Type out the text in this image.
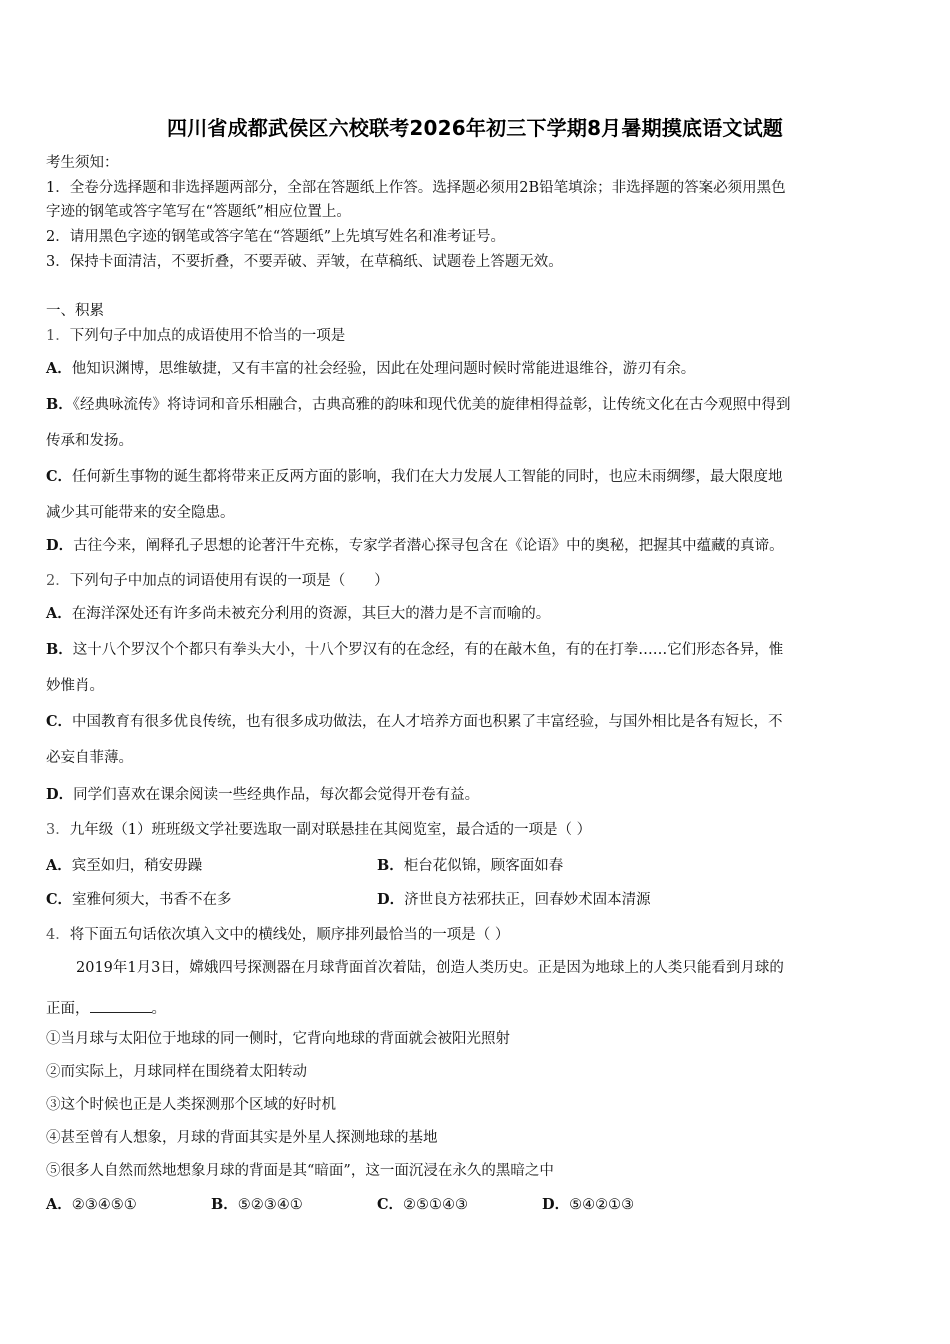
四川省成都武侯区六校联考2026年初三下学期8月暑期摸底语文试题
考生须知：
1．全卷分选择题和非选择题两部分，全部在答题纸上作答。选择题必须用2B铅笔填涂；非选择题的答案必须用黑色
字迹的钢笔或答字笔写在“答题纸”相应位置上。
2．请用黑色字迹的钢笔或答字笔在“答题纸”上先填写姓名和准考证号。
3．保持卡面清洁，不要折叠，不要弄破、弄皱，在草稿纸、试题卷上答题无效。
一、积累
1．下列句子中加点的成语使用不恰当的一项是
A．他知识渊博，思维敏捷，又有丰富的社会经验，因此在处理问题时候时常能进退维谷，游刃有余。
B．《经典咏流传》将诗词和音乐相融合，古典高雅的韵味和现代优美的旋律相得益彰，让传统文化在古今观照中得到
传承和发扬。
C．任何新生事物的诞生都将带来正反两方面的影响，我们在大力发展人工智能的同时，也应未雨绸缪，最大限度地
减少其可能带来的安全隐患。
D．古往今来，阐释孔子思想的论著汗牛充栋，专家学者潜心探寻包含在《论语》中的奥秘，把握其中蕴藏的真谛。
2．下列句子中加点的词语使用有误的一项是（　　）
A．在海洋深处还有许多尚未被充分利用的资源，其巨大的潜力是不言而喻的。
B．这十八个罗汉个个都只有拳头大小，十八个罗汉有的在念经，有的在敲木鱼，有的在打拳……它们形态各异，惟
妙惟肖。
C．中国教育有很多优良传统，也有很多成功做法，在人才培养方面也积累了丰富经验，与国外相比是各有短长，不
必妄自菲薄。
D．同学们喜欢在课余阅读一些经典作品，每次都会觉得开卷有益。
3．九年级（1）班班级文学社要选取一副对联悬挂在其阅览室，最合适的一项是（ ）
A．宾至如归，稍安毋躁	B．柜台花似锦，顾客面如春
C．室雅何须大，书香不在多	D．济世良方祛邪扶正，回春妙术固本清源
4．将下面五句话依次填入文中的横线处，顺序排列最恰当的一项是（ ）
2019年1月3日，嫦娥四号探测器在月球背面首次着陆，创造人类历史。正是因为地球上的人类只能看到月球的
正面，	。
①当月球与太阳位于地球的同一侧时，它背向地球的背面就会被阳光照射
②而实际上，月球同样在围绕着太阳转动
③这个时候也正是人类探测那个区域的好时机
④甚至曾有人想象，月球的背面其实是外星人探测地球的基地
⑤很多人自然而然地想象月球的背面是其“暗面”，这一面沉浸在永久的黑暗之中
A．②③④⑤①	B．⑤②③④①	C．②⑤①④③	D．⑤④②①③
